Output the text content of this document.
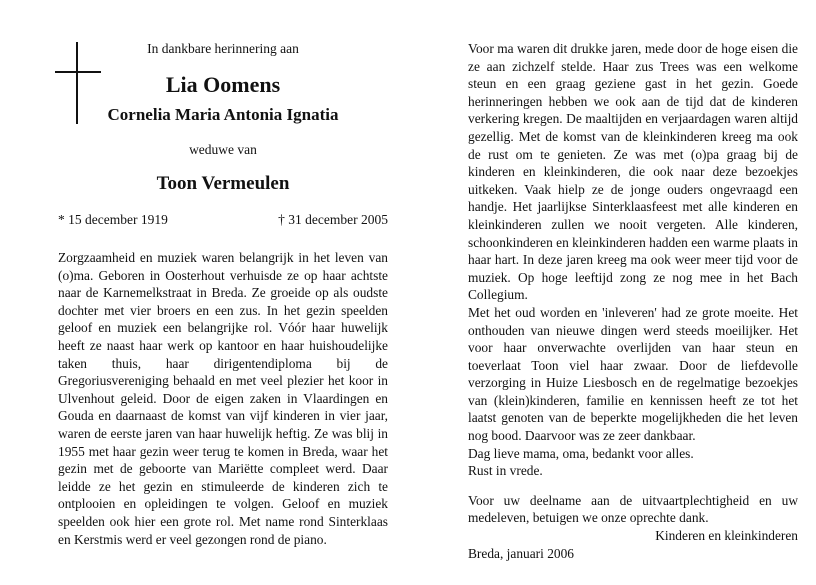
In dankbare herinnering aan
Lia Oomens
Cornelia Maria Antonia Ignatia
weduwe van
Toon Vermeulen
* 15 december 1919	† 31 december 2005

Zorgzaamheid en muziek waren belangrijk in het leven van (o)ma. Geboren in Oosterhout verhuisde ze op haar achtste naar de Karnemelkstraat in Breda. Ze groeide op als oudste dochter met vier broers en een zus. In het gezin speelden geloof en muziek een belangrijke rol. Vóór haar huwelijk heeft ze naast haar werk op kantoor en haar huishoudelijke taken thuis, haar dirigentendiploma bij de Gregoriusvereniging behaald en met veel plezier het koor in Ulvenhout geleid. Door de eigen zaken in Vlaardingen en Gouda en daarnaast de komst van vijf kinderen in vier jaar, waren de eerste jaren van haar huwelijk heftig. Ze was blij in 1955 met haar gezin weer terug te komen in Breda, waar het gezin met de geboorte van Mariëtte compleet werd. Daar leidde ze het gezin en stimuleerde de kinderen zich te ontplooien en opleidingen te volgen. Geloof en muziek speelden ook hier een grote rol. Met name rond Sinterklaas en Kerstmis werd er veel gezongen rond de piano.

Voor ma waren dit drukke jaren, mede door de hoge eisen die ze aan zichzelf stelde. Haar zus Trees was een welkome steun en een graag geziene gast in het gezin. Goede herinneringen hebben we ook aan de tijd dat de kinderen verkering kregen. De maaltijden en verjaardagen waren altijd gezellig. Met de komst van de kleinkinderen kreeg ma ook de rust om te genieten. Ze was met (o)pa graag bij de kinderen en kleinkinderen, die ook naar deze bezoekjes uitkeken. Vaak hielp ze de jonge ouders ongevraagd een handje. Het jaarlijkse Sinterklaasfeest met alle kinderen en kleinkinderen zullen we nooit vergeten. Alle kinderen, schoonkinderen en kleinkinderen hadden een warme plaats in haar hart. In deze jaren kreeg ma ook weer meer tijd voor de muziek. Op hoge leeftijd zong ze nog mee in het Bach Collegium.

Met het oud worden en 'inleveren' had ze grote moeite. Het onthouden van nieuwe dingen werd steeds moeilijker. Het voor haar onverwachte overlijden van haar steun en toeverlaat Toon viel haar zwaar. Door de liefdevolle verzorging in Huize Liesbosch en de regelmatige bezoekjes van (klein)kinderen, familie en kennissen heeft ze tot het laatst genoten van de beperkte mogelijkheden die het leven nog bood. Daarvoor was ze zeer dankbaar.

Dag lieve mama, oma, bedankt voor alles.

Rust in vrede.

Voor uw deelname aan de uitvaartplechtigheid en uw medeleven, betuigen we onze oprechte dank.

Kinderen en kleinkinderen

Breda, januari 2006
